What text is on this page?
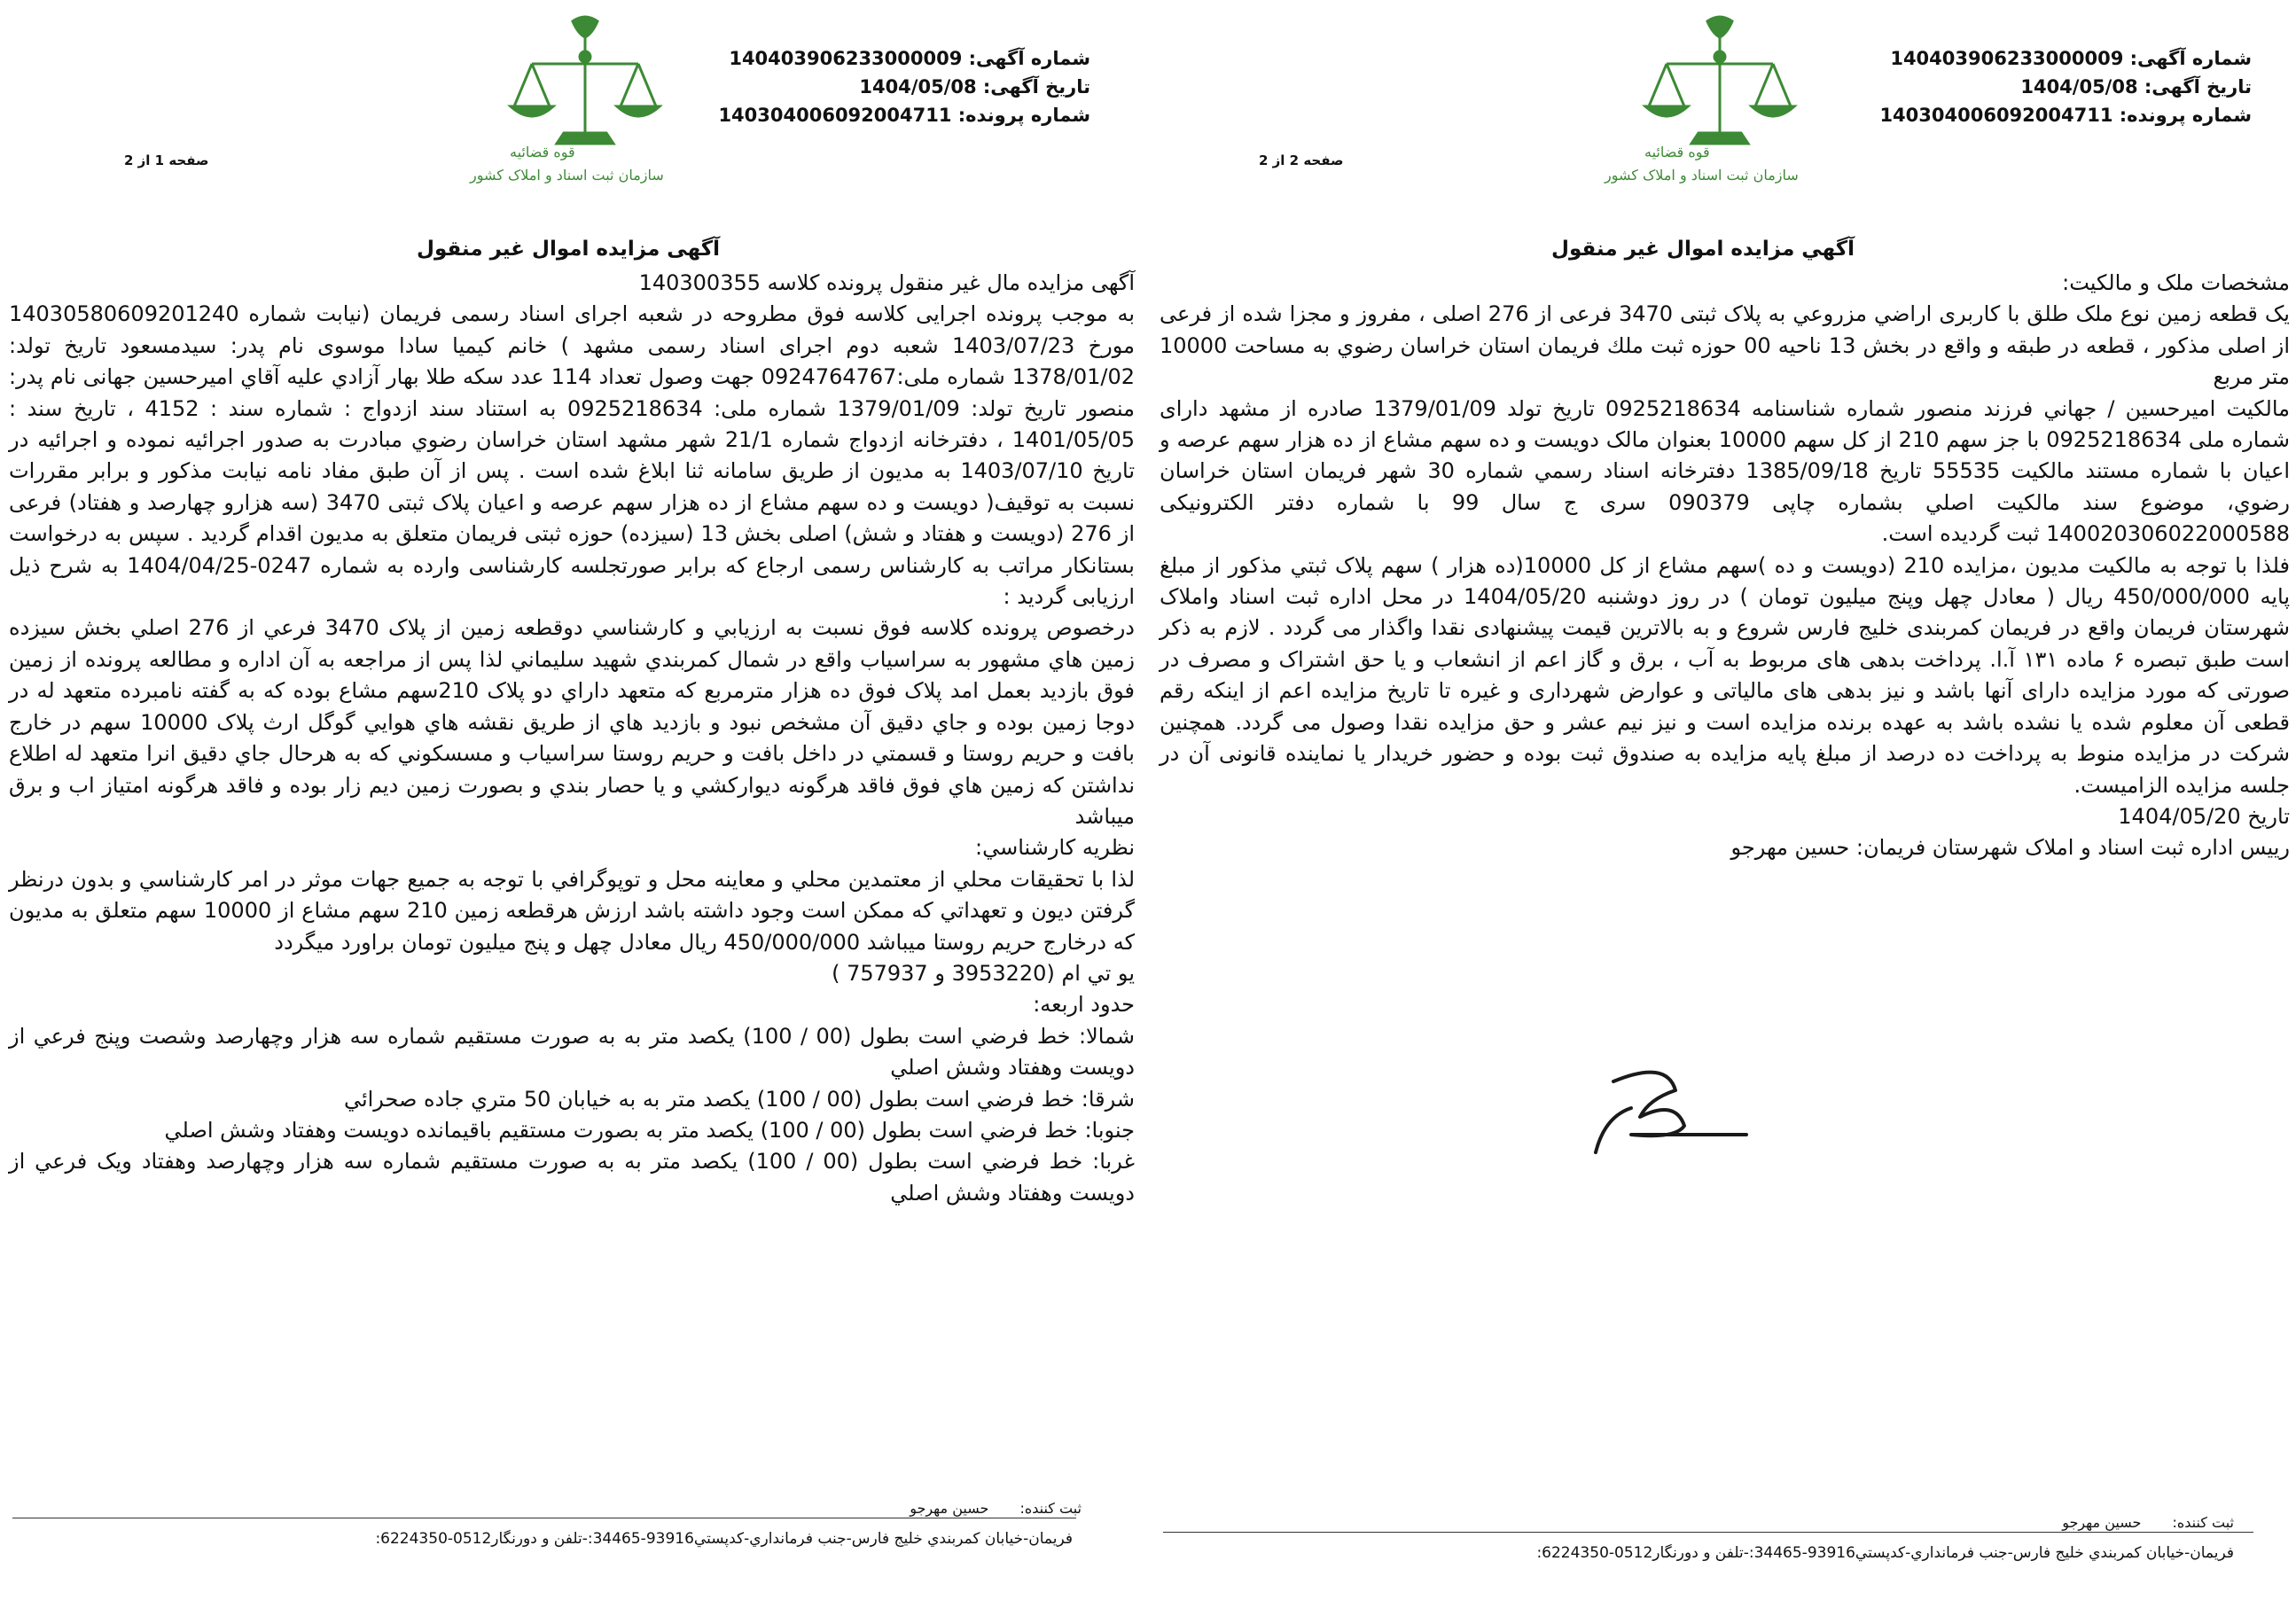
شماره آگهی: 140403906233000009
تاریخ آگهی: 1404/05/08
شماره پرونده: 140304006092004711
قوه قضائیه
سازمان ثبت اسناد و املاک کشور
صفحه 1 از 2
آگهی مزایده اموال غیر منقول

آگهی مزایده مال غیر منقول پرونده کلاسه 140300355

به موجب پرونده اجرایی کلاسه فوق مطروحه در شعبه اجرای اسناد رسمی فریمان (نیابت شماره 14030580609201240 مورخ 1403/07/23 شعبه دوم اجرای اسناد رسمی مشهد ) خانم کیمیا سادا موسوی نام پدر: سیدمسعود تاریخ تولد: 1378/01/02 شماره ملی:0924764767 جهت وصول تعداد 114 عدد سکه طلا بهار آزادي علیه آقاي امیرحسین جهانی نام پدر: منصور تاریخ تولد: 1379/01/09 شماره ملی: 0925218634 به استناد سند ازدواج : شماره سند : 4152 ، تاریخ سند : 1401/05/05 ، دفترخانه ازدواج شماره 21/1 شهر مشهد استان خراسان رضوي مبادرت به صدور اجرائیه نموده و اجرائیه در تاریخ 1403/07/10 به مدیون از طریق سامانه ثنا ابلاغ شده است . پس از آن طبق مفاد نامه نیابت مذکور و برابر مقررات نسبت به توقیف( دویست و ده سهم مشاع از ده هزار سهم عرصه و اعیان پلاک ثبتی 3470 (سه هزارو چهارصد و هفتاد) فرعی از 276 (دویست و هفتاد و شش) اصلی بخش 13 (سیزده) حوزه ثبتی فریمان متعلق به مدیون اقدام گردید . سپس به درخواست بستانکار مراتب به کارشناس رسمی ارجاع که برابر صورتجلسه کارشناسی وارده به شماره 0247-1404/04/25 به شرح ذیل ارزیابی گردید :

درخصوص پرونده کلاسه فوق نسبت به ارزیابي و کارشناسي دوقطعه زمین از پلاک 3470 فرعي از 276 اصلي بخش سیزده زمین هاي مشهور به سراسیاب واقع در شمال کمربندي شهید سلیماني لذا پس از مراجعه به آن اداره و مطالعه پرونده از زمین فوق بازدید بعمل امد پلاک فوق ده هزار مترمربع که متعهد داراي دو پلاک 210سهم مشاع بوده که به گفته نامبرده متعهد له در دوجا زمین بوده و جاي دقیق آن مشخص نبود و بازدید هاي از طریق نقشه هاي هوایي گوگل ارث پلاک 10000 سهم در خارج بافت و حریم روستا و قسمتي در داخل بافت و حریم روستا سراسیاب و مسسکوني که به هرحال جاي دقیق انرا متعهد له اطلاع نداشتن که زمین هاي فوق فاقد هرگونه دیوارکشي و یا حصار بندي و بصورت زمین دیم زار بوده و فاقد هرگونه امتیاز اب و برق میباشد

نظریه کارشناسي:

لذا با تحقیقات محلي از معتمدین محلي و معاینه محل و توپوگرافي با توجه به جمیع جهات موثر در امر کارشناسي و بدون درنظر گرفتن دیون و تعهداتي که ممکن است وجود داشته باشد ارزش هرقطعه زمین 210 سهم مشاع از 10000 سهم متعلق به مدیون که درخارج حریم روستا میباشد 450/000/000 ریال معادل چهل و پنج میلیون تومان براورد میگردد

یو تي ام (3953220 و 757937 )

حدود اربعه:

شمالا: خط فرضي است بطول (00 / 100) یکصد متر به به صورت مستقیم شماره سه هزار وچهارصد وشصت وپنج فرعي از دویست وهفتاد وشش اصلي

شرقا: خط فرضي است بطول (00 / 100) یکصد متر به به خیابان 50 متري جاده صحرائي

جنوبا: خط فرضي است بطول (00 / 100) یکصد متر به بصورت مستقیم باقیمانده دویست وهفتاد وشش اصلي

غربا: خط فرضي است بطول (00 / 100) یکصد متر به به صورت مستقیم شماره سه هزار وچهارصد وهفتاد ویک فرعي از دویست وهفتاد وشش اصلي

ثبت کننده: حسین مهرجو
فریمان-خیابان کمربندي خلیج فارس-جنب فرمانداري-کدپستي93916-34465:-تلفن و دورنگار0512-6224350:
شماره آگهی: 140403906233000009
تاریخ آگهی: 1404/05/08
شماره پرونده: 140304006092004711
قوه قضائیه
سازمان ثبت اسناد و املاک کشور
صفحه 2 از 2
آگهي مزايده اموال غير منقول

مشخصات ملک و مالکیت:

یک قطعه زمین نوع ملک طلق با کاربری اراضي مزروعي به پلاک ثبتی 3470 فرعی از 276 اصلی ، مفروز و مجزا شده از فرعی از اصلی مذکور ، قطعه در طبقه و واقع در بخش 13 ناحیه 00 حوزه ثبت ملك فریمان استان خراسان رضوي به مساحت 10000 متر مربع

مالکیت امیرحسین / جهاني فرزند منصور شماره شناسنامه 0925218634 تاریخ تولد 1379/01/09 صادره از مشهد دارای شماره ملی 0925218634 با جز سهم 210 از کل سهم 10000 بعنوان مالک دویست و ده سهم مشاع از ده هزار سهم عرصه و اعیان با شماره مستند مالکیت 55535 تاریخ 1385/09/18 دفترخانه اسناد رسمي شماره 30 شهر فريمان استان خراسان رضوي، موضوع سند مالكيت اصلي بشماره چاپی 090379 سری ج سال 99 با شماره دفتر الکترونیکی 140020306022000588 ثبت گردیده است.

فلذا با توجه به مالکیت مدیون ،مزایده 210 (دویست و ده )سهم مشاع از کل 10000(ده هزار ) سهم پلاک ثبتي مذکور از مبلغ پایه 450/000/000 ریال ( معادل چهل وپنج میلیون تومان ) در روز دوشنبه 1404/05/20 در محل اداره ثبت اسناد واملاک شهرستان فریمان واقع در فریمان کمربندی خلیج فارس شروع و به بالاترین قیمت پیشنهادی نقدا واگذار می گردد . لازم به ذکر است طبق تبصره ۶ ماده ۱۳۱ آ.ا. پرداخت بدهی های مربوط به آب ، برق و گاز اعم از انشعاب و یا حق اشتراک و مصرف در صورتی که مورد مزایده دارای آنها باشد و نیز بدهی های مالیاتی و عوارض شهرداری و غیره تا تاریخ مزایده اعم از اینکه رقم قطعی آن معلوم شده یا نشده باشد به عهده برنده مزایده است و نیز نیم عشر و حق مزایده نقدا وصول می گردد. همچنین شرکت در مزایده منوط به پرداخت ده درصد از مبلغ پایه مزایده به صندوق ثبت بوده و حضور خریدار یا نماینده قانونی آن در جلسه مزایده الزامیست.

تاریخ 1404/05/20

رییس اداره ثبت اسناد و املاک شهرستان فریمان: حسین مهرجو

ثبت کننده: حسین مهرجو
فریمان-خیابان کمربندي خلیج فارس-جنب فرمانداري-کدپستي93916-34465:-تلفن و دورنگار0512-6224350:
